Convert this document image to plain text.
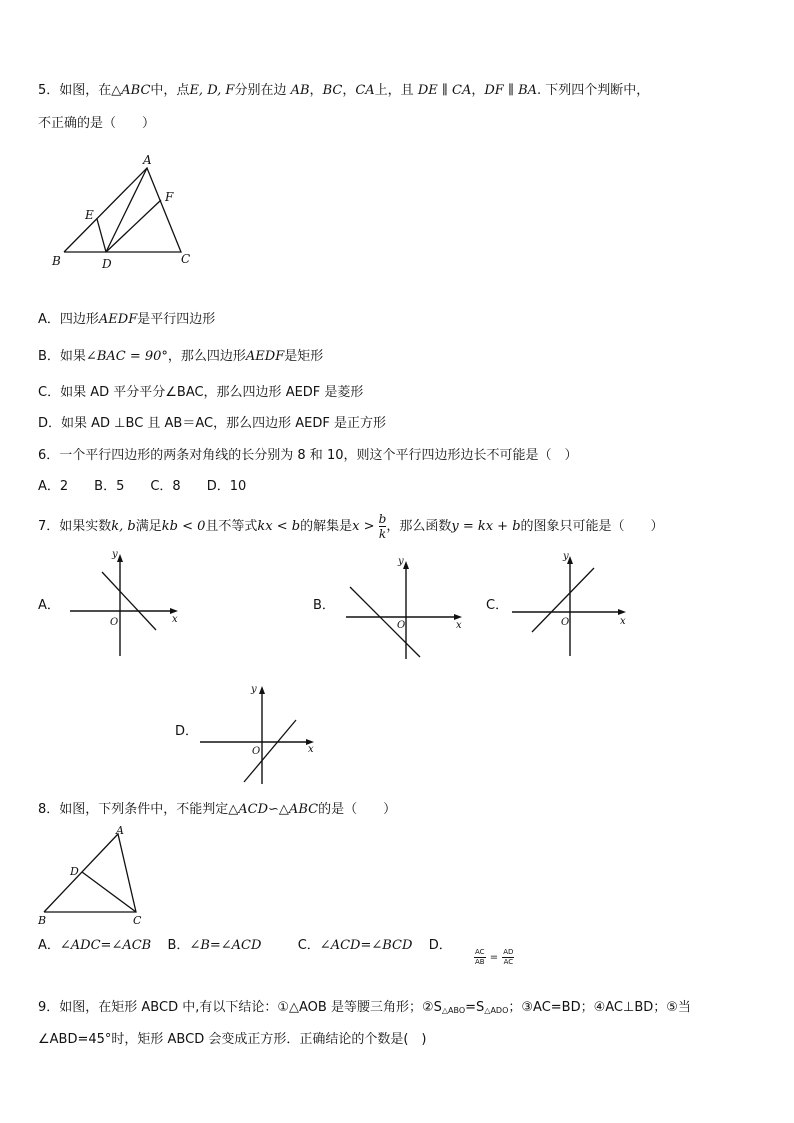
5．如图，在△ABC中，点E, D, F分别在边 AB，BC，CA上，且 DE ∥ CA，DF ∥ BA. 下列四个判断中，
不正确的是（　　）
A
E
F
B	D	C
A．四边形AEDF是平行四边形
B．如果∠BAC = 90°，那么四边形AEDF是矩形
C．如果 AD 平分平分∠BAC，那么四边形 AEDF 是菱形
D．如果 AD ⊥BC 且 AB＝AC，那么四边形 AEDF 是正方形
6．一个平行四边形的两条对角线的长分别为 8 和 10，则这个平行四边形边长不可能是（　）
A．2　　B．5　　C．8　　D．10
7．如果实数k, b满足kb < 0且不等式kx < b的解集是$x > \frac{b}{k}$，那么函数y = kx + b的图象只可能是（　　）
A．
y
x
O
B．
y
x
O
C．
y
x
O
D．
y
x
O
8．如图，下列条件中，不能判定△ACD∽△ABC的是（　　）
A
D
B	C
A．∠ADC=∠ACB B．∠B=∠ACD	C．∠ACD=∠BCD D．
$\frac{AC}{AB} = \frac{AD}{AC}$
9．如图，在矩形 ABCD 中,有以下结论：①△AOB 是等腰三角形；$②S_{\triangle ABO}=S_{\triangle ADO}$；③AC=BD；④AC⊥BD；⑤当
∠ABD=45°时，矩形 ABCD 会变成正方形．正确结论的个数是(　)
